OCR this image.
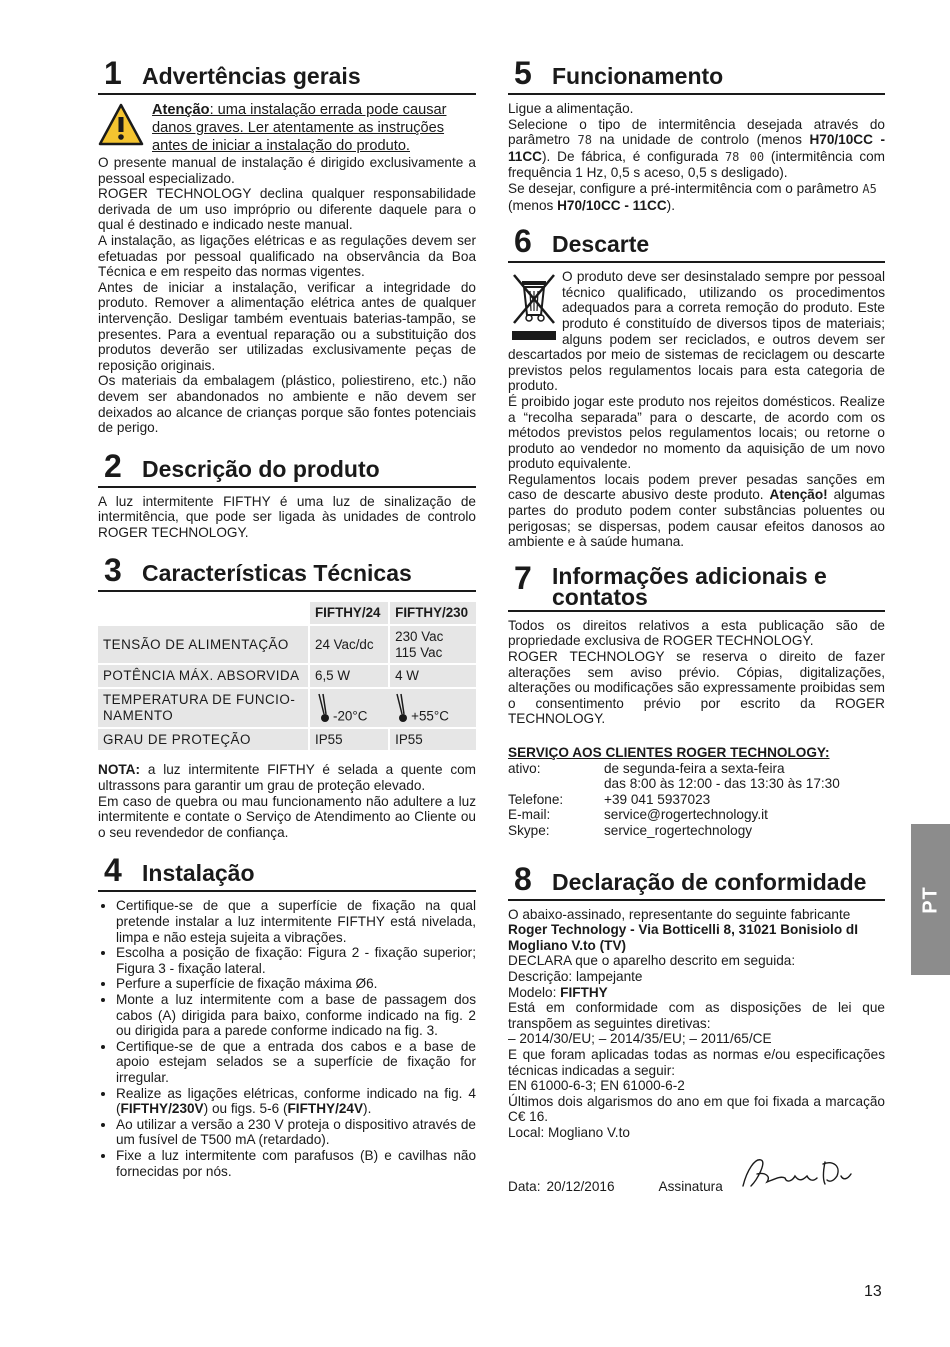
1 Advertências gerais
Atenção: uma instalação errada pode causar danos graves. Ler atentamente as instruções antes de iniciar a instalação do produto.

O presente manual de instalação é dirigido exclusivamente a pessoal especializado.

ROGER TECHNOLOGY declina qualquer responsabilidade derivada de um uso impróprio ou diferente daquele para o qual é destinado e indicado neste manual.

A instalação, as ligações elétricas e as regulações devem ser efetuadas por pessoal qualificado na observância da Boa Técnica e em respeito das normas vigentes.

Antes de iniciar a instalação, verificar a integridade do produto. Remover a alimentação elétrica antes de qualquer intervenção. Desligar também eventuais baterias-tampão, se presentes. Para a eventual reparação ou a substituição dos produtos deverão ser utilizadas exclusivamente peças de reposição originais.

Os materiais da embalagem (plástico, poliestireno, etc.) não devem ser abandonados no ambiente e não devem ser deixados ao alcance de crianças porque são fontes potenciais de perigo.

2 Descrição do produto

A luz intermitente FIFTHY é uma luz de sinalização de intermitência, que pode ser ligada às unidades de controlo ROGER TECHNOLOGY.

3 Características Técnicas
	FIFTHY/24	FIFTHY/230
TENSÃO DE ALIMENTAÇÃO	24 Vac/dc	230 Vac
115 Vac

POTÊNCIA MÁX. ABSORVIDA	6,5 W	4 W
TEMPERATURA DE FUNCIO-NAMENTO	-20°C	+55°C
GRAU DE PROTEÇÃO	IP55	IP55

NOTA: a luz intermitente FIFTHY é selada a quente com ultrassons para garantir um grau de proteção elevado.

Em caso de quebra ou mau funcionamento não adultere a luz intermitente e contate o Serviço de Atendimento ao Cliente ou o seu revendedor de confiança.

4 Instalação
• Certifique-se de que a superfície de fixação na qual pretende instalar a luz intermitente FIFTHY está nivelada, limpa e não esteja sujeita a vibrações.
• Escolha a posição de fixação: Figura 2 - fixação superior; Figura 3 - fixação lateral.
• Perfure a superfície de fixação máxima Ø6.
• Monte a luz intermitente com a base de passagem dos cabos (A) dirigida para baixo, conforme indicado na fig. 2 ou dirigida para a parede conforme indicado na fig. 3.
• Certifique-se de que a entrada dos cabos e a base de apoio estejam selados se a superfície de fixação for irregular.
• Realize as ligações elétricas, conforme indicado na fig. 4 (FIFTHY/230V) ou figs. 5-6 (FIFTHY/24V).
• Ao utilizar a versão a 230 V proteja o dispositivo através de um fusível de T500 mA (retardado).
• Fixe a luz intermitente com parafusos (B) e cavilhas não fornecidas por nós.
5 Funcionamento

Ligue a alimentação.

Selecione o tipo de intermitência desejada através do parâmetro 78 na unidade de controlo (menos H70/10CC - 11CC). De fábrica, é configurada 78 00 (intermitência com frequência 1 Hz, 0,5 s aceso, 0,5 s desligado).

Se desejar, configure a pré-intermitência com o parâmetro A5 (menos H70/10CC - 11CC).

6 Descarte

O produto deve ser desinstalado sempre por pessoal técnico qualificado, utilizando os procedimentos adequados para a correta remoção do produto. Este produto é constituído de diversos tipos de materiais; alguns podem ser reciclados, e outros devem ser descartados por meio de sistemas de reciclagem ou descarte previstos pelos regulamentos locais para esta categoria de produto.

É proibido jogar este produto nos rejeitos domésticos. Realize a “recolha separada” para o descarte, de acordo com os métodos previstos pelos regulamentos locais; ou retorne o produto ao vendedor no momento da aquisição de um novo produto equivalente.

Regulamentos locais podem prever pesadas sanções em caso de descarte abusivo deste produto. Atenção! algumas partes do produto podem conter substâncias poluentes ou perigosas; se dispersas, podem causar efeitos danosos ao ambiente e à saúde humana.

7 Informações adicionais e contatos

Todos os direitos relativos a esta publicação são de propriedade exclusiva de ROGER TECHNOLOGY.

ROGER TECHNOLOGY se reserva o direito de fazer alterações sem aviso prévio. Cópias, digitalizações, alterações ou modificações são expressamente proibidas sem o consentimento prévio por escrito da ROGER TECHNOLOGY.

SERVIÇO AOS CLIENTES ROGER TECHNOLOGY:

ativo:	de segunda-feira a sexta-feira
das 8:00 às 12:00 - das 13:30 às 17:30
Telefone:	+39 041 5937023
E-mail:	service@rogertechnology.it
Skype:	service_rogertechnology
8 Declaração de conformidade

O abaixo-assinado, representante do seguinte fabricante

Roger Technology - Via Botticelli 8, 31021 Bonisiolo dI Mogliano V.to (TV)

DECLARA que o aparelho descrito em seguida:

Descrição: lampejante

Modelo: FIFTHY

Está em conformidade com as disposições de lei que transpõem as seguintes diretivas:

– 2014/30/EU; – 2014/35/EU; – 2011/65/CE

E que foram aplicadas todas as normas e/ou especificações técnicas indicadas a seguir:

EN 61000-6-3; EN 61000-6-2

Últimos dois algarismos do ano em que foi fixada a marcação C€ 16.

Local: Mogliano V.to

Data: 20/12/2016	Assinatura
PT
13
